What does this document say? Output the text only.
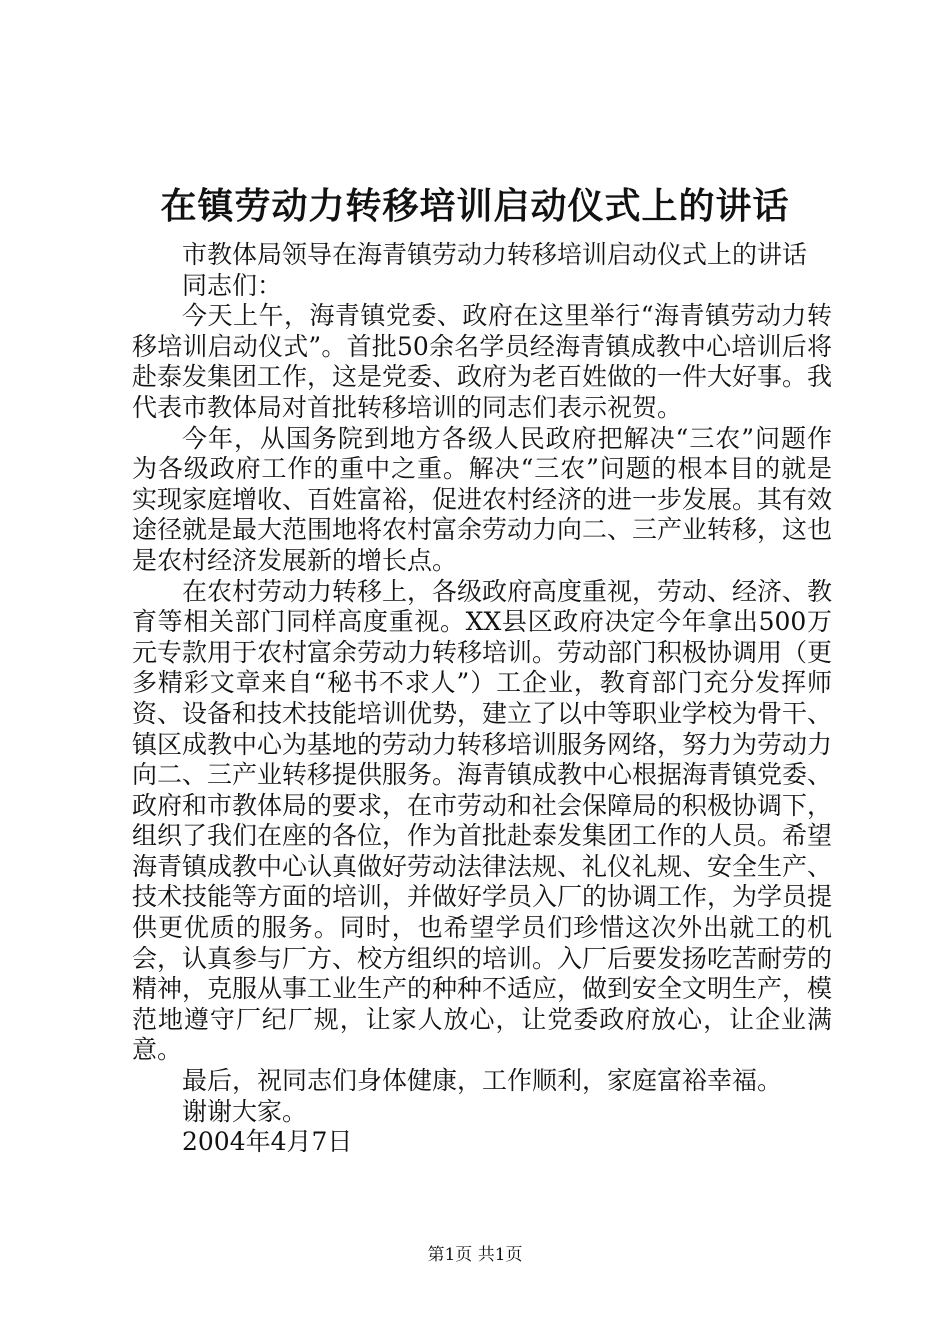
在镇劳动力转移培训启动仪式上的讲话

市教体局领导在海青镇劳动力转移培训启动仪式上的讲话

同志们：

今天上午，海青镇党委、政府在这里举行“海青镇劳动力转移培训启动仪式”。首批50余名学员经海青镇成教中心培训后将赴泰发集团工作，这是党委、政府为老百姓做的一件大好事。我代表市教体局对首批转移培训的同志们表示祝贺。

今年，从国务院到地方各级人民政府把解决“三农”问题作为各级政府工作的重中之重。解决“三农”问题的根本目的就是实现家庭增收、百姓富裕，促进农村经济的进一步发展。其有效途径就是最大范围地将农村富余劳动力向二、三产业转移，这也是农村经济发展新的增长点。

在农村劳动力转移上，各级政府高度重视，劳动、经济、教育等相关部门同样高度重视。XX县区政府决定今年拿出500万元专款用于农村富余劳动力转移培训。劳动部门积极协调用（更多精彩文章来自“秘书不求人”）工企业，教育部门充分发挥师资、设备和技术技能培训优势，建立了以中等职业学校为骨干、镇区成教中心为基地的劳动力转移培训服务网络，努力为劳动力向二、三产业转移提供服务。海青镇成教中心根据海青镇党委、政府和市教体局的要求，在市劳动和社会保障局的积极协调下，组织了我们在座的各位，作为首批赴泰发集团工作的人员。希望海青镇成教中心认真做好劳动法律法规、礼仪礼规、安全生产、技术技能等方面的培训，并做好学员入厂的协调工作，为学员提供更优质的服务。同时，也希望学员们珍惜这次外出就工的机会，认真参与厂方、校方组织的培训。入厂后要发扬吃苦耐劳的精神，克服从事工业生产的种种不适应，做到安全文明生产，模范地遵守厂纪厂规，让家人放心，让党委政府放心，让企业满意。

最后，祝同志们身体健康，工作顺利，家庭富裕幸福。

谢谢大家。

2004年4月7日

第1页 共1页
